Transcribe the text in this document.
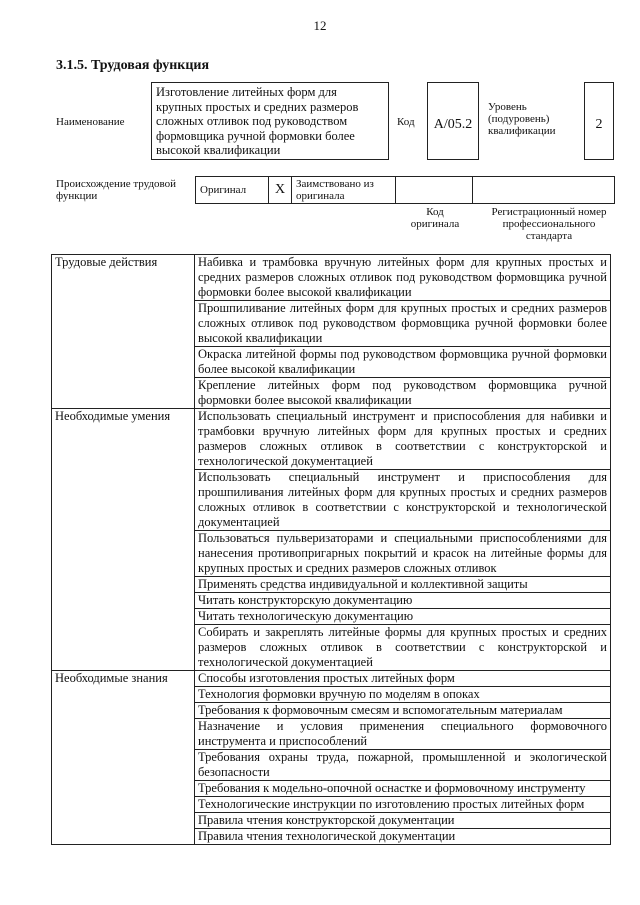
12
3.1.5. Трудовая функция
Наименование
Изготовление литейных форм для крупных простых и средних размеров сложных отливок под руководством формовщика ручной формовки более высокой квалификации
Код	А/05.2
Уровень (подуровень) квалификации	2
Происхождение трудовой функции	Оригинал	X	Заимствовано из оригинала		
Код оригинала
Регистрационный номер профессионального стандарта
Трудовые действия	Набивка и трамбовка вручную литейных форм для крупных простых и средних размеров сложных отливок под руководством формовщика ручной формовки более высокой квалификации
	Прошпиливание литейных форм для крупных простых и средних размеров сложных отливок под руководством формовщика ручной формовки более высокой квалификации
	Окраска литейной формы под руководством формовщика ручной формовки более высокой квалификации
	Крепление литейных форм под руководством формовщика ручной формовки более высокой квалификации
Необходимые умения	Использовать специальный инструмент и приспособления для набивки и трамбовки вручную литейных форм для крупных простых и средних размеров сложных отливок в соответствии с конструкторской и технологической документацией
	Использовать специальный инструмент и приспособления для прошпиливания литейных форм для крупных простых и средних размеров сложных отливок в соответствии с конструкторской и технологической документацией
	Пользоваться пульверизаторами и специальными приспособлениями для нанесения противопригарных покрытий и красок на литейные формы для крупных простых и средних размеров сложных отливок
	Применять средства индивидуальной и коллективной защиты
	Читать конструкторскую документацию
	Читать технологическую документацию
	Собирать и закреплять литейные формы для крупных простых и средних размеров сложных отливок в соответствии с конструкторской и технологической документацией
Необходимые знания	Способы изготовления простых литейных форм
	Технология формовки вручную по моделям в опоках
	Требования к формовочным смесям и вспомогательным материалам
	Назначение и условия применения специального формовочного инструмента и приспособлений
	Требования охраны труда, пожарной, промышленной и экологической безопасности
	Требования к модельно-опочной оснастке и формовочному инструменту
	Технологические инструкции по изготовлению простых литейных форм
	Правила чтения конструкторской документации
	Правила чтения технологической документации
